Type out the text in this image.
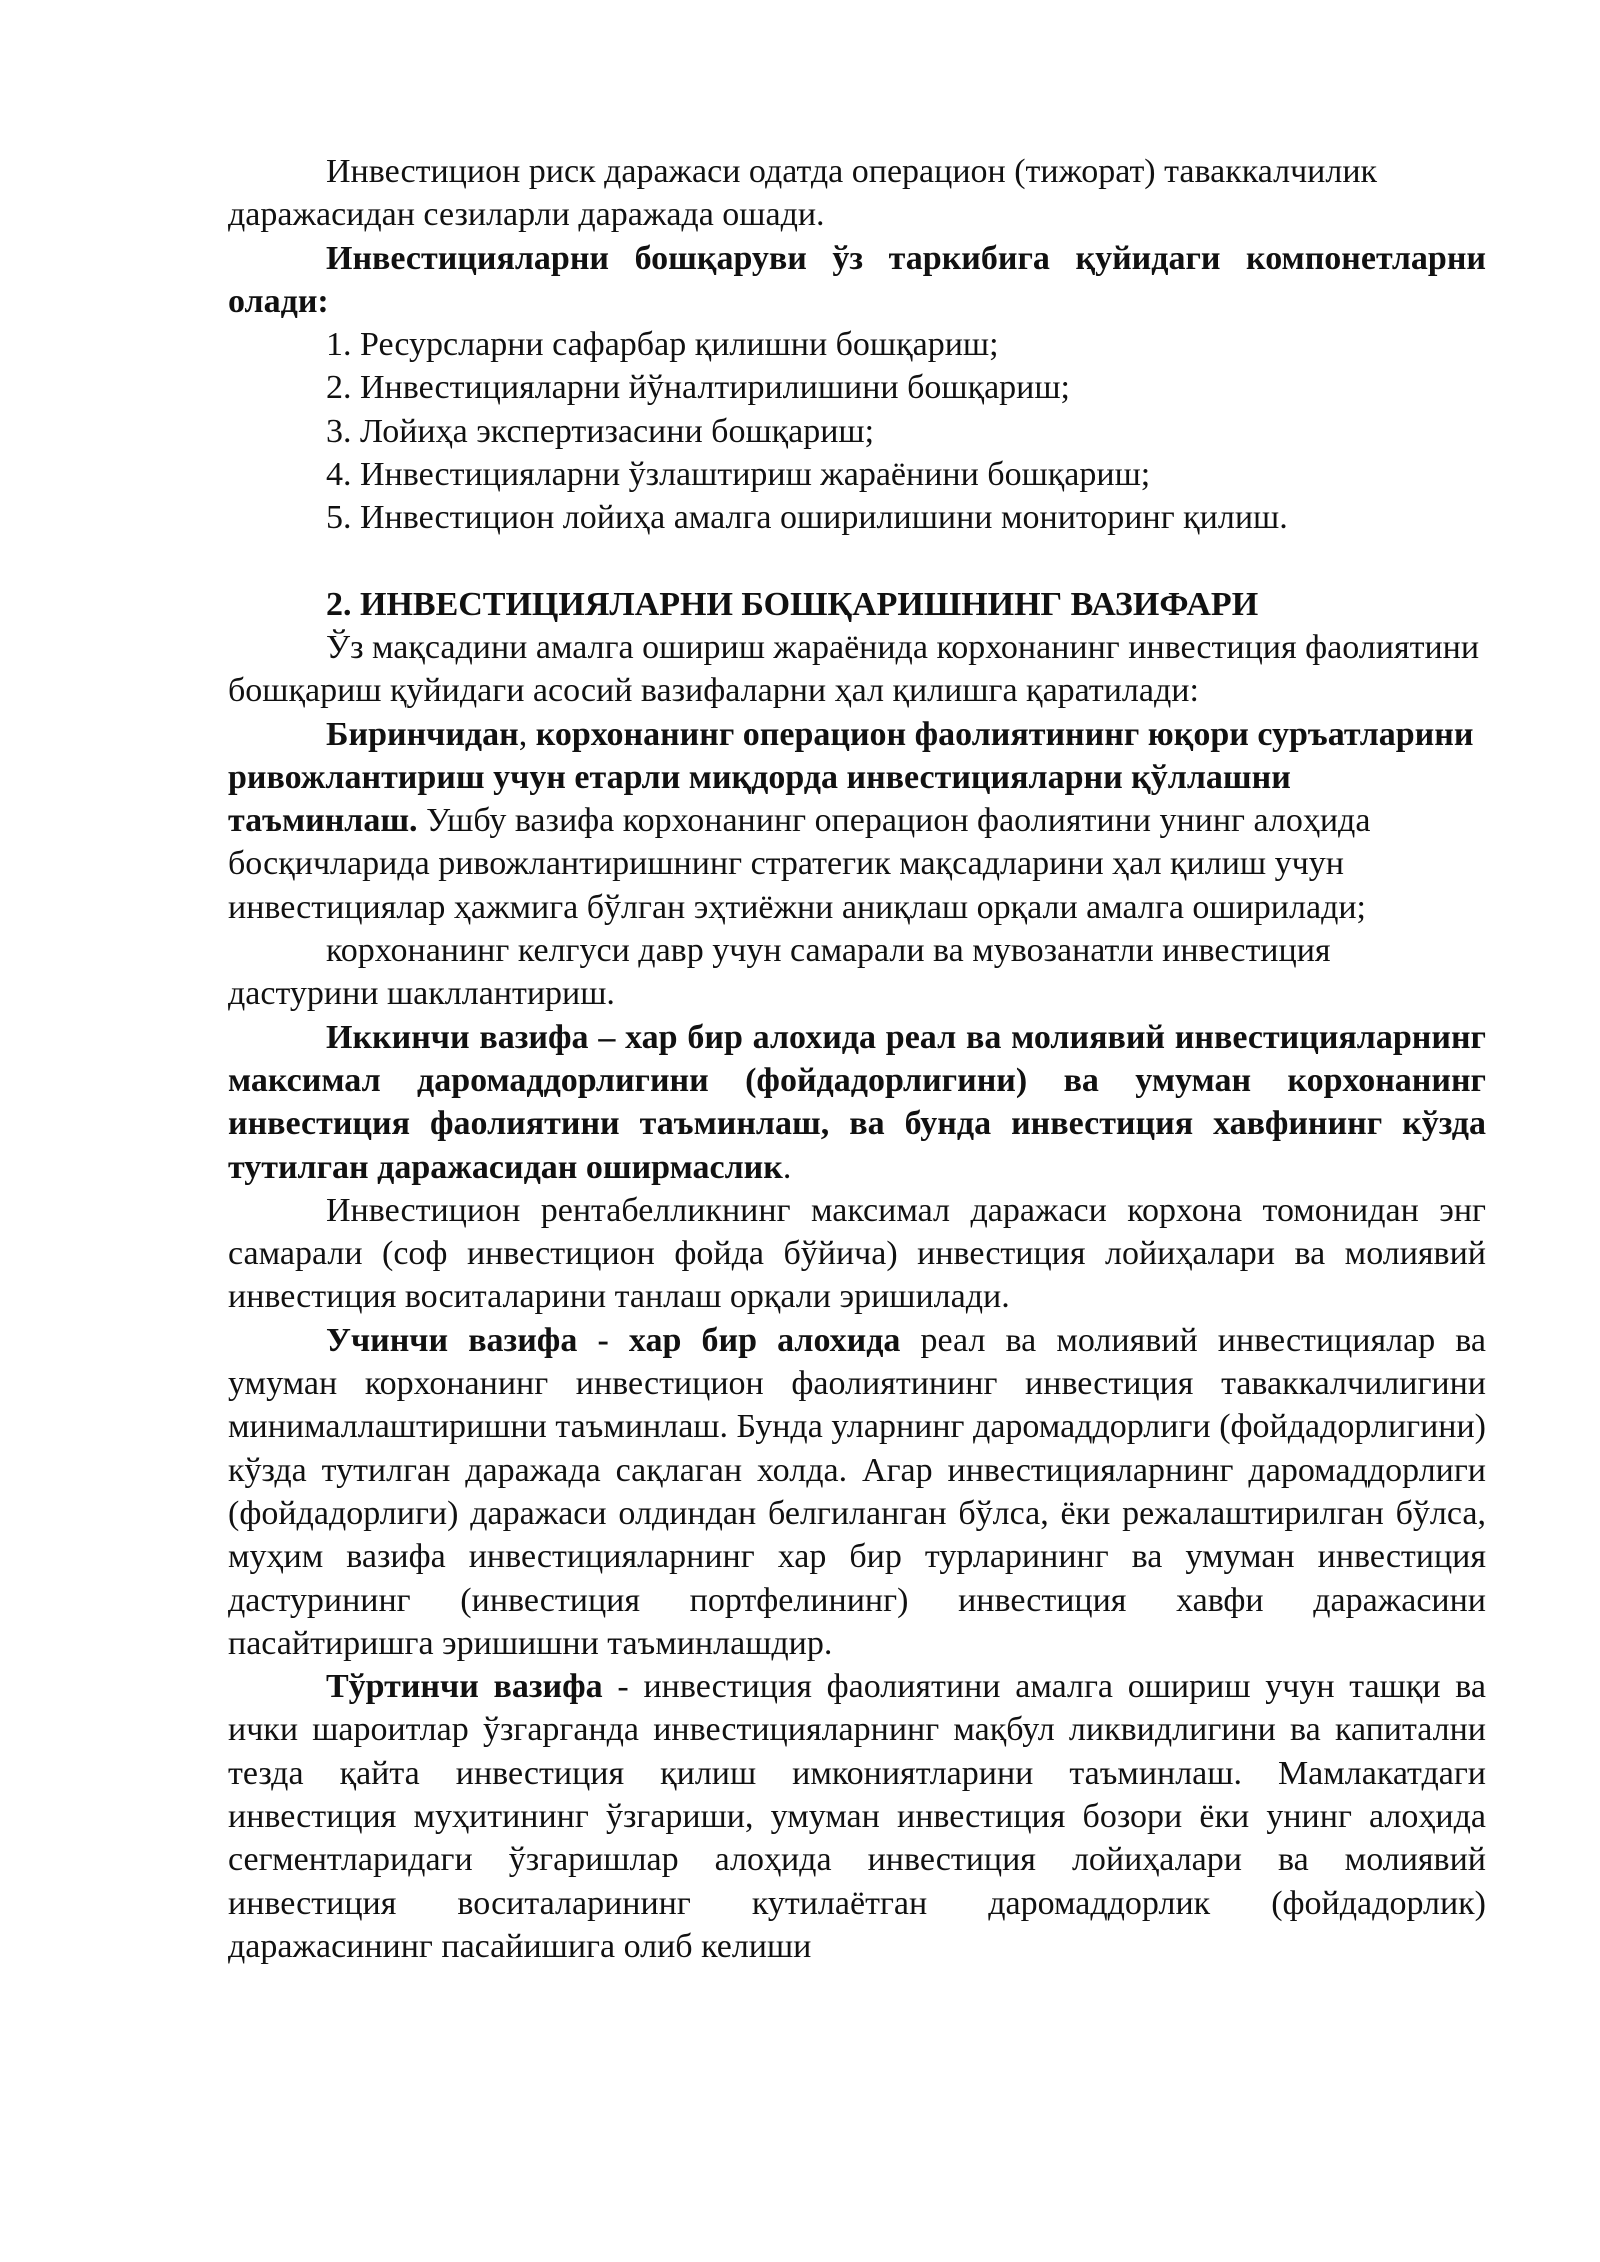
Инвестицион риск даражаси одатда операцион (тижорат) таваккалчилик даражасидан сезиларли даражада ошади.

Инвестицияларни бошқаруви ўз таркибига қуйидаги компонетларни олади:

1. Ресурсларни сафарбар қилишни бошқариш;

2. Инвестицияларни йўналтирилишини бошқариш;

3. Лойиҳа экспертизасини бошқариш;

4. Инвестицияларни ўзлаштириш жараёнини бошқариш;

5. Инвестицион лойиҳа амалга оширилишини мониторинг қилиш.

2. ИНВЕСТИЦИЯЛАРНИ БОШҚАРИШНИНГ ВАЗИФАРИ

Ўз мақсадини амалга ошириш жараёнида корхонанинг инвестиция фаолиятини бошқариш қуйидаги асосий вазифаларни ҳал қилишга қаратилади:

Биринчидан, корхонанинг операцион фаолиятининг юқори суръатларини ривожлантириш учун етарли миқдорда инвестицияларни қўллашни таъминлаш. Ушбу вазифа корхонанинг операцион фаолиятини унинг алоҳида босқичларида ривожлантиришнинг стратегик мақсадларини ҳал қилиш учун инвестициялар ҳажмига бўлган эҳтиёжни аниқлаш орқали амалга оширилади;

корхонанинг келгуси давр учун самарали ва мувозанатли инвестиция дастурини шакллантириш.

Иккинчи вазифа – хар бир алохида реал ва молиявий инвестицияларнинг максимал даромаддорлигини (фойдадорлигини) ва умуман корхонанинг инвестиция фаолиятини таъминлаш, ва бунда инвестиция хавфининг кўзда тутилган даражасидан оширмаслик.

Инвестицион рентабелликнинг максимал даражаси корхона томонидан энг самарали (соф инвестицион фойда бўйича) инвестиция лойиҳалари ва молиявий инвестиция воситаларини танлаш орқали эришилади.

Учинчи вазифа - хар бир алохида реал ва молиявий инвестициялар ва умуман корхонанинг инвестицион фаолиятининг инвестиция таваккалчилигини минималлаштиришни таъминлаш. Бунда уларнинг даромаддорлиги (фойдадорлигини) кўзда тутилган даражада сақлаган холда. Агар инвестицияларнинг даромаддорлиги (фойдадорлиги) даражаси олдиндан белгиланган бўлса, ёки режалаштирилган бўлса, муҳим вазифа инвестицияларнинг хар бир турларининг ва умуман инвестиция дастурининг (инвестиция портфелининг) инвестиция хавфи даражасини пасайтиришга эришишни таъминлашдир.

Тўртинчи вазифа - инвестиция фаолиятини амалга ошириш учун ташқи ва ички шароитлар ўзгарганда инвестицияларнинг мақбул ликвидлигини ва капитални тезда қайта инвестиция қилиш имкониятларини таъминлаш. Мамлакатдаги инвестиция муҳитининг ўзгариши, умуман инвестиция бозори ёки унинг алоҳида сегментларидаги ўзгаришлар алоҳида инвестиция лойиҳалари ва молиявий инвестиция воситаларининг кутилаётган даромаддорлик (фойдадорлик) даражасининг пасайишига олиб келиши
